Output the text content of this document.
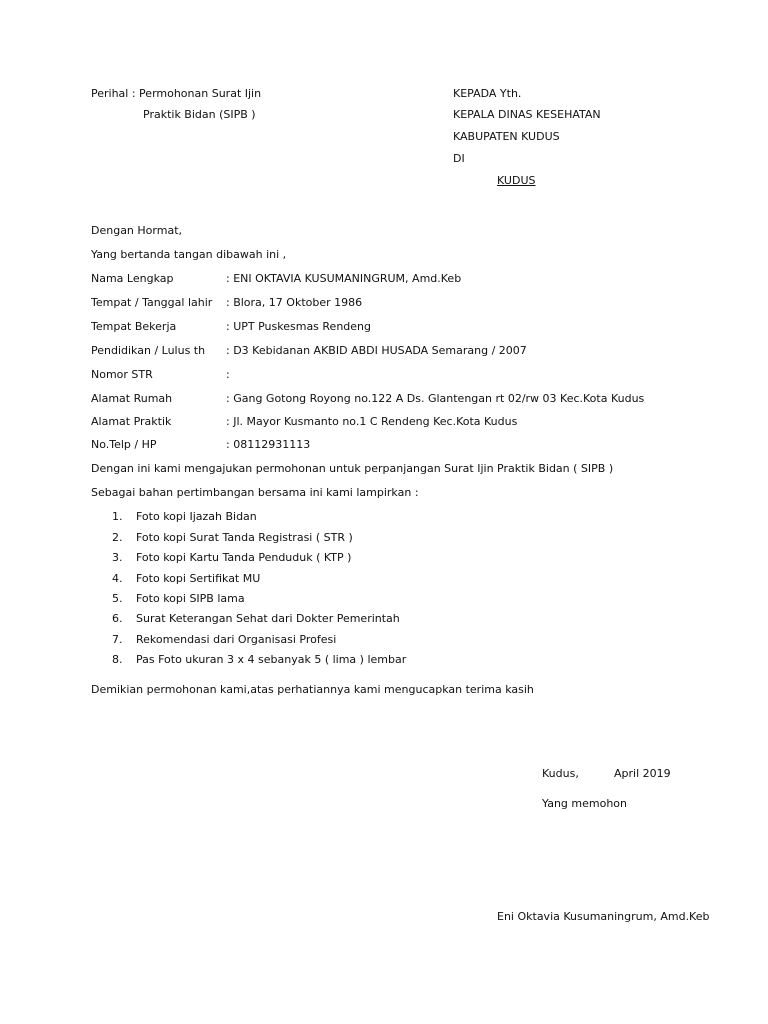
Perihal : Permohonan Surat Ijin
Praktik Bidan (SIPB )
KEPADA Yth.
KEPALA DINAS KESEHATAN
KABUPATEN KUDUS
DI
KUDUS
Dengan Hormat,
Yang bertanda tangan dibawah ini ,
Nama Lengkap	: ENI OKTAVIA KUSUMANINGRUM, Amd.Keb
Tempat / Tanggal lahir : Blora, 17 Oktober 1986
Tempat Bekerja	: UPT Puskesmas Rendeng
Pendidikan / Lulus th : D3 Kebidanan AKBID ABDI HUSADA Semarang / 2007
Nomor STR	:
Alamat Rumah	: Gang Gotong Royong no.122 A Ds. Glantengan rt 02/rw 03 Kec.Kota Kudus
Alamat Praktik	: Jl. Mayor Kusmanto no.1 C Rendeng Kec.Kota Kudus
No.Telp / HP	: 08112931113
Dengan ini kami mengajukan permohonan untuk perpanjangan Surat Ijin Praktik Bidan ( SIPB )
Sebagai bahan pertimbangan bersama ini kami lampirkan :
1. Foto kopi Ijazah Bidan
2. Foto kopi Surat Tanda Registrasi ( STR )
3. Foto kopi Kartu Tanda Penduduk ( KTP )
4. Foto kopi Sertifikat MU
5. Foto kopi SIPB lama
6. Surat Keterangan Sehat dari Dokter Pemerintah
7. Rekomendasi dari Organisasi Profesi
8. Pas Foto ukuran 3 x 4 sebanyak 5 ( lima ) lembar
Demikian permohonan kami,atas perhatiannya kami mengucapkan terima kasih
Kudus,	April 2019
Yang memohon
Eni Oktavia Kusumaningrum, Amd.Keb
